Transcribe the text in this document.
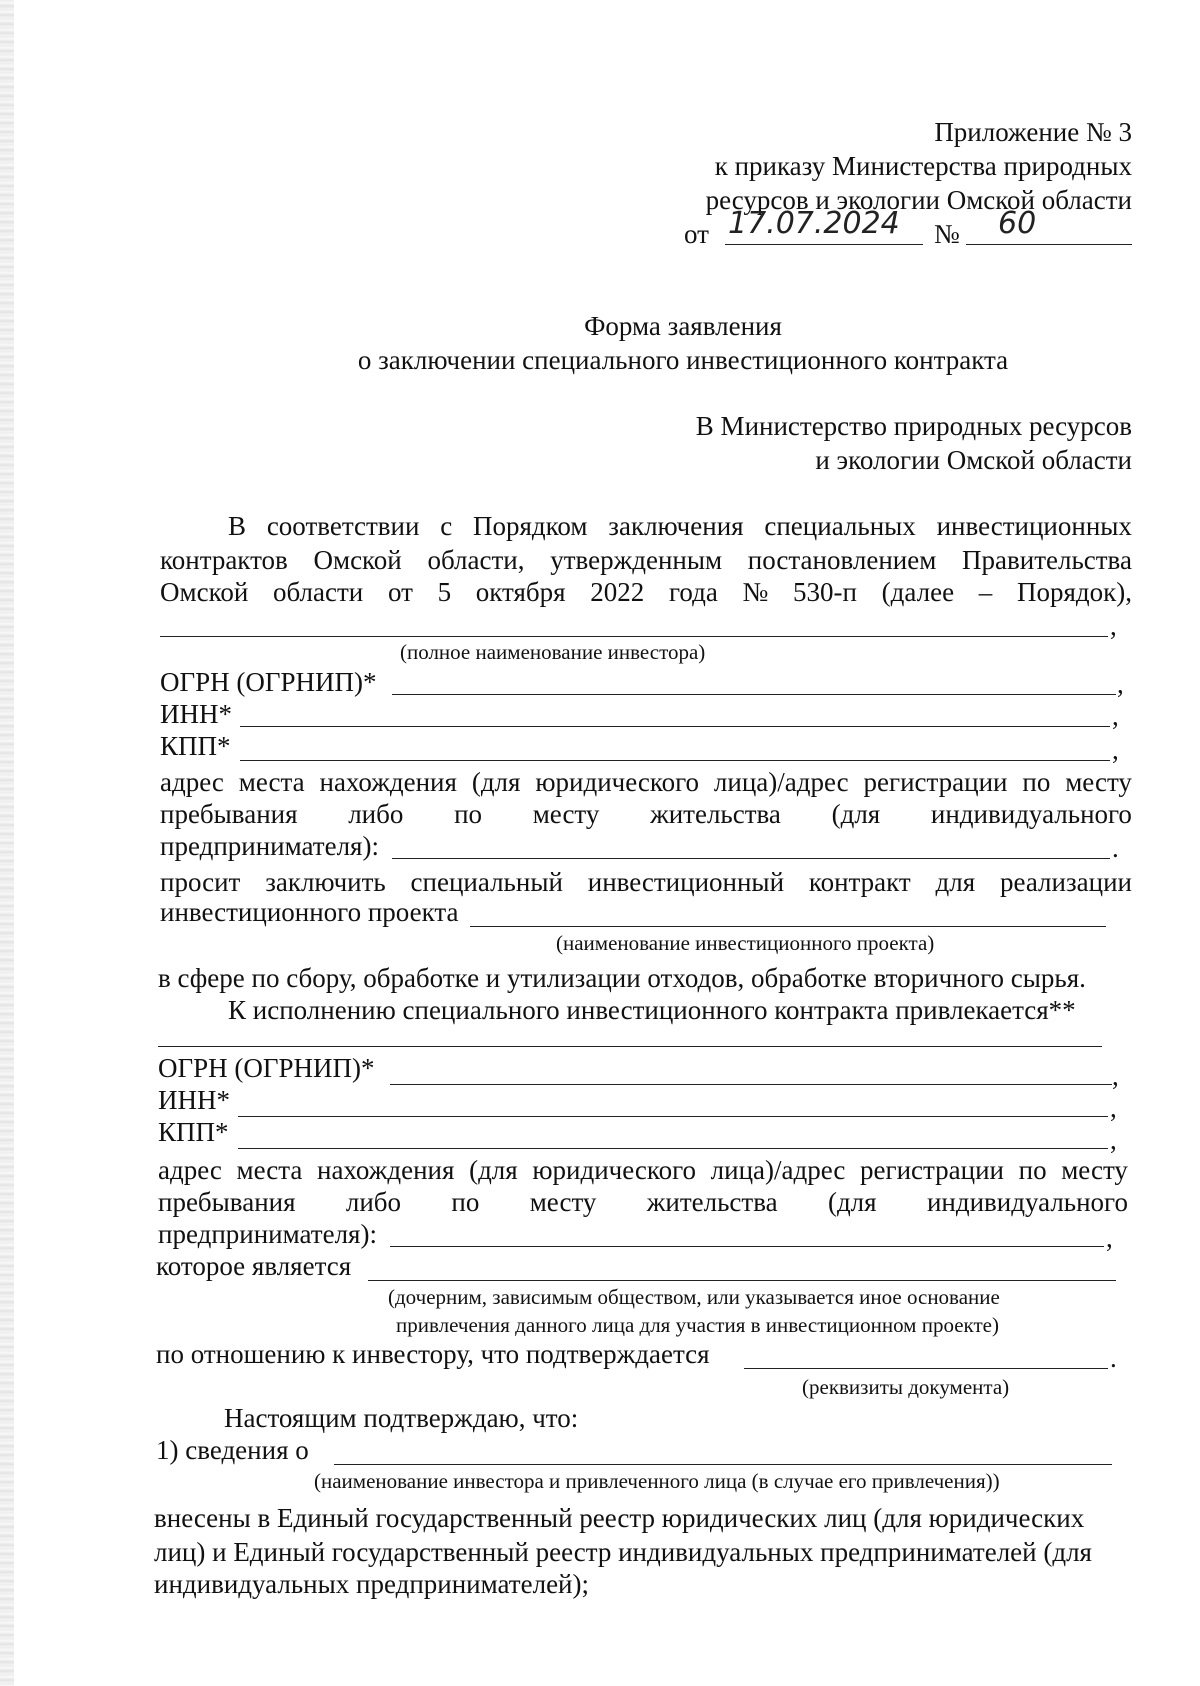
Приложение № 3
к приказу Министерства природных
ресурсов и экологии Омской области
от 17.07.2024 № 60
Форма заявления
о заключении специального инвестиционного контракта
В Министерство природных ресурсов
и экологии Омской области
В соответствии с Порядком заключения специальных инвестиционных
контрактов Омской области, утвержденным постановлением Правительства
Омской области от 5 октября 2022 года № 530-п (далее – Порядок),
,
(полное наименование инвестора)
ОГРН (ОГРНИП)*	,
ИНН*	,
КПП*	,
адрес места нахождения (для юридического лица)/адрес регистрации по месту
пребывания либо по месту жительства (для индивидуального
предпринимателя):	.
просит заключить специальный инвестиционный контракт для реализации
инвестиционного проекта
(наименование инвестиционного проекта)
в сфере по сбору, обработке и утилизации отходов, обработке вторичного сырья.
К исполнению специального инвестиционного контракта привлекается**
ОГРН (ОГРНИП)*	,
ИНН*	,
КПП*	,
адрес места нахождения (для юридического лица)/адрес регистрации по месту
пребывания либо по месту жительства (для индивидуального
предпринимателя):	,
которое является
(дочерним, зависимым обществом, или указывается иное основание
привлечения данного лица для участия в инвестиционном проекте)
по отношению к инвестору, что подтверждается	.
(реквизиты документа)
Настоящим подтверждаю, что:
1) сведения о
(наименование инвестора и привлеченного лица (в случае его привлечения))
внесены в Единый государственный реестр юридических лиц (для юридических
лиц) и Единый государственный реестр индивидуальных предпринимателей (для
индивидуальных предпринимателей);
